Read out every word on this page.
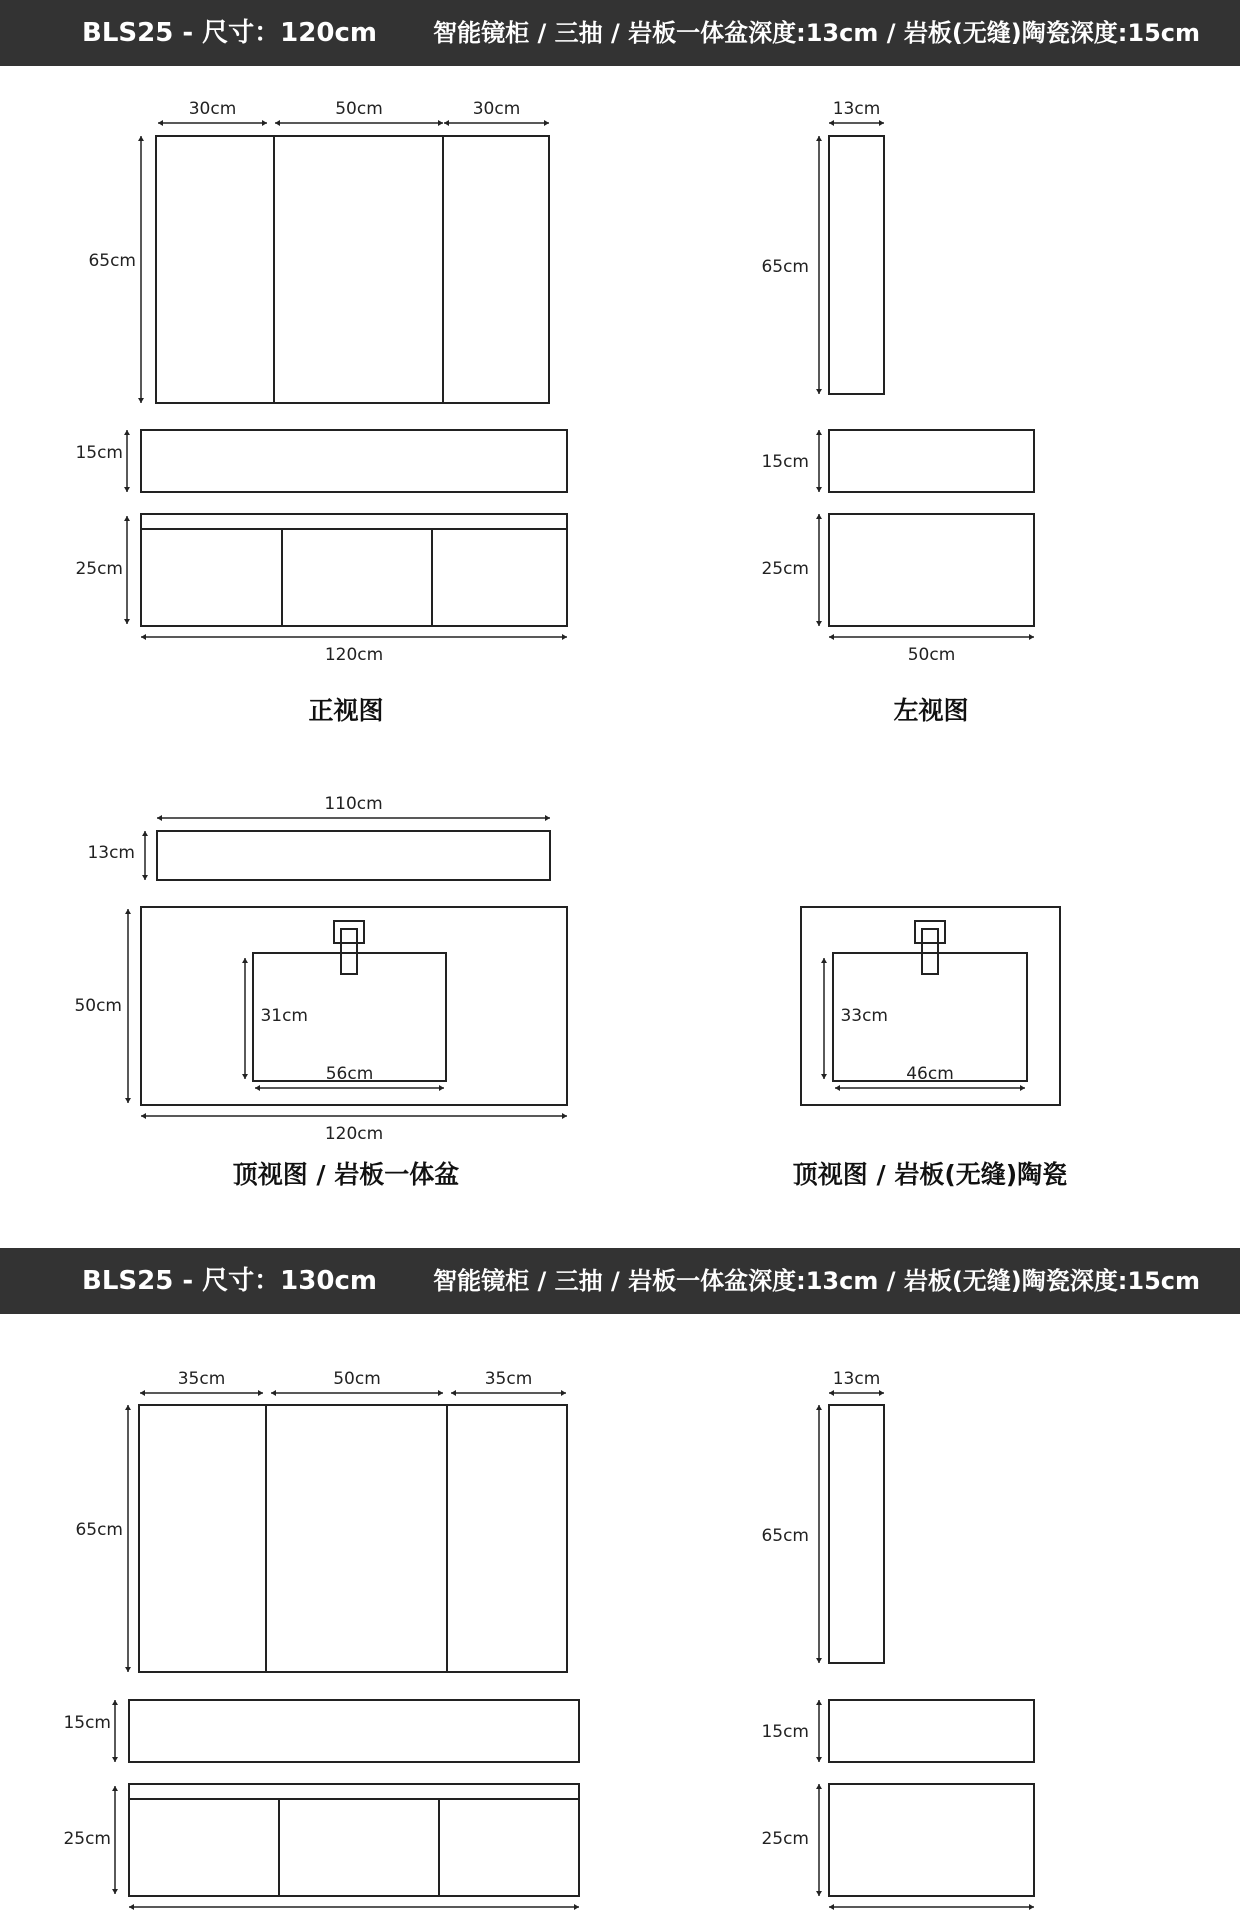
BLS25 - 尺寸：120cm 智能镜柜 / 三抽 / 岩板一体盆深度:13cm / 岩板(无缝)陶瓷深度:15cm
BLS25 - 尺寸：130cm 智能镜柜 / 三抽 / 岩板一体盆深度:13cm / 岩板(无缝)陶瓷深度:15cm
30cm	50cm	30cm
65cm
15cm
25cm
120cm
正视图
13cm
65cm
15cm
25cm
50cm
左视图
110cm
13cm
50cm	31cm
56cm
120cm
顶视图 / 岩板一体盆
33cm
46cm
顶视图 / 岩板(无缝)陶瓷
35cm	50cm	35cm
65cm
15cm
25cm
13cm
65cm
15cm
25cm
